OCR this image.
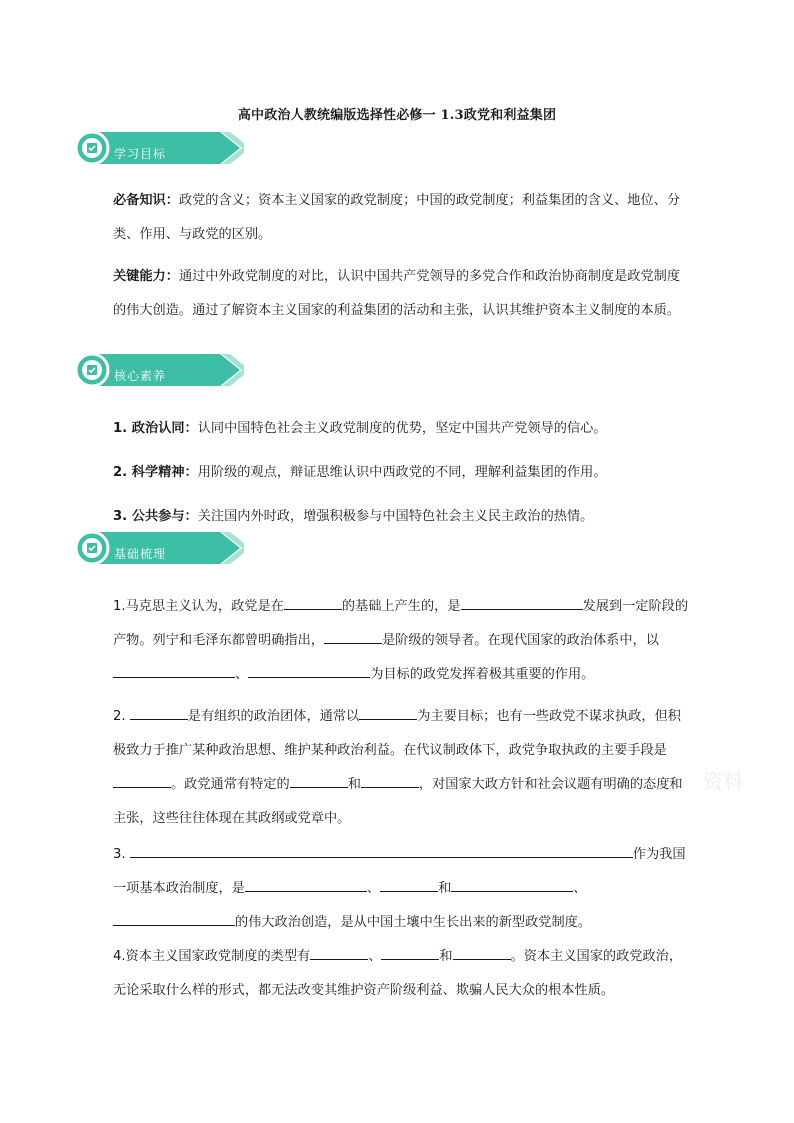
高中政治人教统编版选择性必修一 1.3政党和利益集团
学习目标
必备知识：政党的含义；资本主义国家的政党制度；中国的政党制度；利益集团的含义、地位、分类、作用、与政党的区别。
关键能力：通过中外政党制度的对比，认识中国共产党领导的多党合作和政治协商制度是政党制度的伟大创造。通过了解资本主义国家的利益集团的活动和主张，认识其维护资本主义制度的本质。
核心素养
1. 政治认同：认同中国特色社会主义政党制度的优势，坚定中国共产党领导的信心。
2. 科学精神：用阶级的观点，辩证思维认识中西政党的不同，理解利益集团的作用。
3. 公共参与：关注国内外时政，增强积极参与中国特色社会主义民主政治的热情。
基础梳理
1.马克思主义认为，政党是在	的基础上产生的，是	发展到一定阶段的产物。列宁和毛泽东都曾明确指出，	是阶级的领导者。在现代国家的政治体系中，以、	为目标的政党发挥着极其重要的作用。
2.	是有组织的政治团体，通常以	为主要目标；也有一些政党不谋求执政，但积极致力于推广某种政治思想、维护某种政治利益。在代议制政体下，政党争取执政的主要手段是。政党通常有特定的	和	，对国家大政方针和社会议题有明确的态度和主张，这些往往体现在其政纲或党章中。
3.	作为我国一项基本政治制度，是	、	和	、的伟大政治创造，是从中国土壤中生长出来的新型政党制度。
4.资本主义国家政党制度的类型有	、	和	。资本主义国家的政党政治，无论采取什么样的形式，都无法改变其维护资产阶级利益、欺骗人民大众的根本性质。
资料
